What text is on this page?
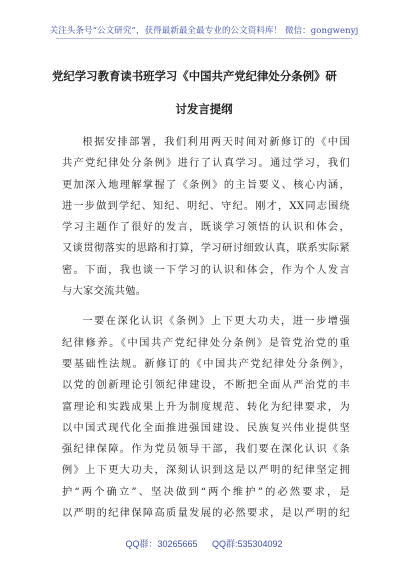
关注头条号“公文研究”，获得最新最全最专业的公文资料库！ 微信：gongwenyj
党纪学习教育读书班学习《中国共产党纪律处分条例》研
讨发言提纲
根据安排部署，我们利用两天时间对新修订的《中国
共产党纪律处分条例》进行了认真学习。通过学习，我们
更加深入地理解掌握了《条例》的主旨要义、核心内涵，
进一步做到学纪、知纪、明纪、守纪。刚才，XX同志围绕
学习主题作了很好的发言，既谈学习领悟的认识和体会，
又谈贯彻落实的思路和打算，学习研讨细致认真，联系实际紧
密。下面，我也谈一下学习的认识和体会，作为个人发言
与大家交流共勉。
一要在深化认识《条例》上下更大功夫，进一步增强
纪律修养。《中国共产党纪律处分条例》是管党治党的重
要基础性法规。新修订的《中国共产党纪律处分条例》，
以党的创新理论引领纪律建设，不断把全面从严治党的丰
富理论和实践成果上升为制度规范、转化为纪律要求，为
以中国式现代化全面推进强国建设、民族复兴伟业提供坚
强纪律保障。作为党员领导干部，我们要在深化认识《条
例》上下更大功夫，深刻认识到这是以严明的纪律坚定拥
护“两个确立”、坚决做到“两个维护”的必然要求，是
以严明的纪律保障高质量发展的必然要求，是以严明的纪
QQ群：30265665 QQ群:535304092
